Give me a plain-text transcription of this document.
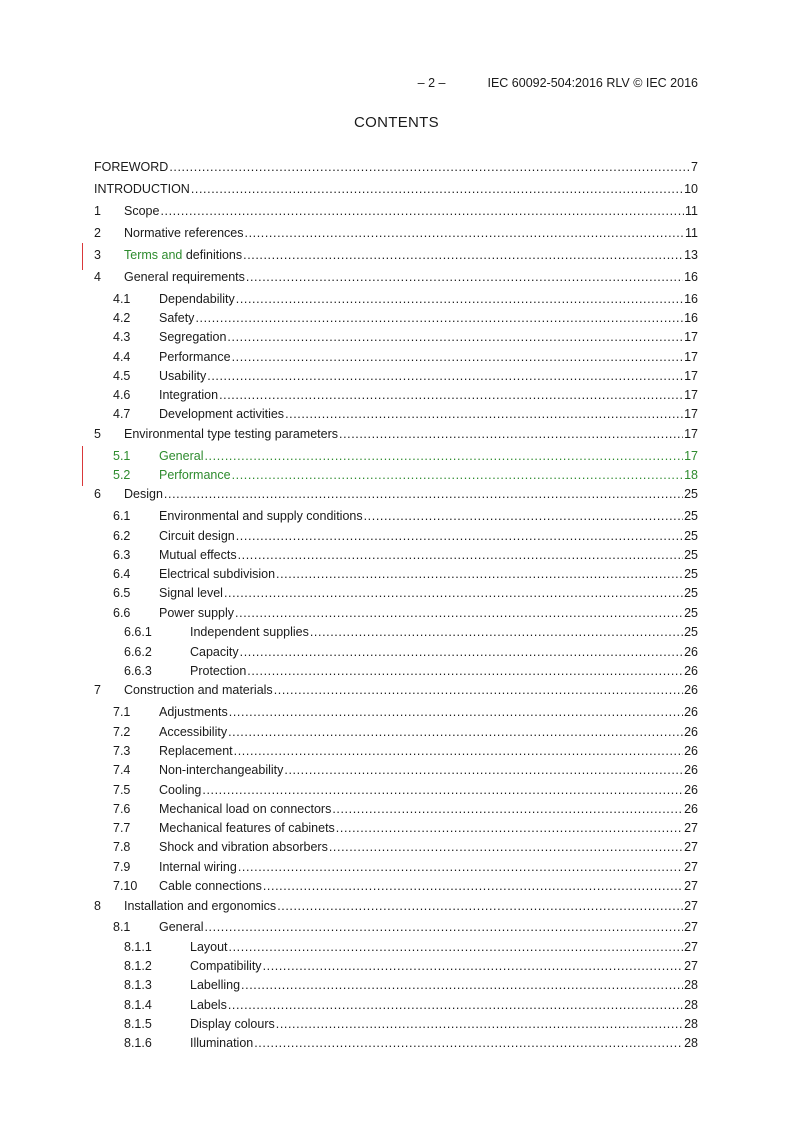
– 2 –	IEC 60092-504:2016 RLV © IEC 2016
CONTENTS
FOREWORD .....	7
INTRODUCTION .....	10
1	Scope .....	11
2	Normative references .....	11
3	Terms and definitions .....	13
4	General requirements .....	16
4.1	Dependability .....	16
4.2	Safety .....	16
4.3	Segregation .....	17
4.4	Performance .....	17
4.5	Usability .....	17
4.6	Integration .....	17
4.7	Development activities .....	17
5	Environmental type testing parameters .....	17
5.1	General .....	17
5.2	Performance .....	18
6	Design .....	25
6.1	Environmental and supply conditions .....	25
6.2	Circuit design .....	25
6.3	Mutual effects .....	25
6.4	Electrical subdivision .....	25
6.5	Signal level .....	25
6.6	Power supply .....	25
6.6.1	Independent supplies .....	25
6.6.2	Capacity .....	26
6.6.3	Protection .....	26
7	Construction and materials .....	26
7.1	Adjustments .....	26
7.2	Accessibility .....	26
7.3	Replacement .....	26
7.4	Non-interchangeability .....	26
7.5	Cooling .....	26
7.6	Mechanical load on connectors .....	26
7.7	Mechanical features of cabinets .....	27
7.8	Shock and vibration absorbers .....	27
7.9	Internal wiring .....	27
7.10	Cable connections .....	27
8	Installation and ergonomics .....	27
8.1	General .....	27
8.1.1	Layout .....	27
8.1.2	Compatibility .....	27
8.1.3	Labelling .....	28
8.1.4	Labels .....	28
8.1.5	Display colours .....	28
8.1.6	Illumination .....	28
